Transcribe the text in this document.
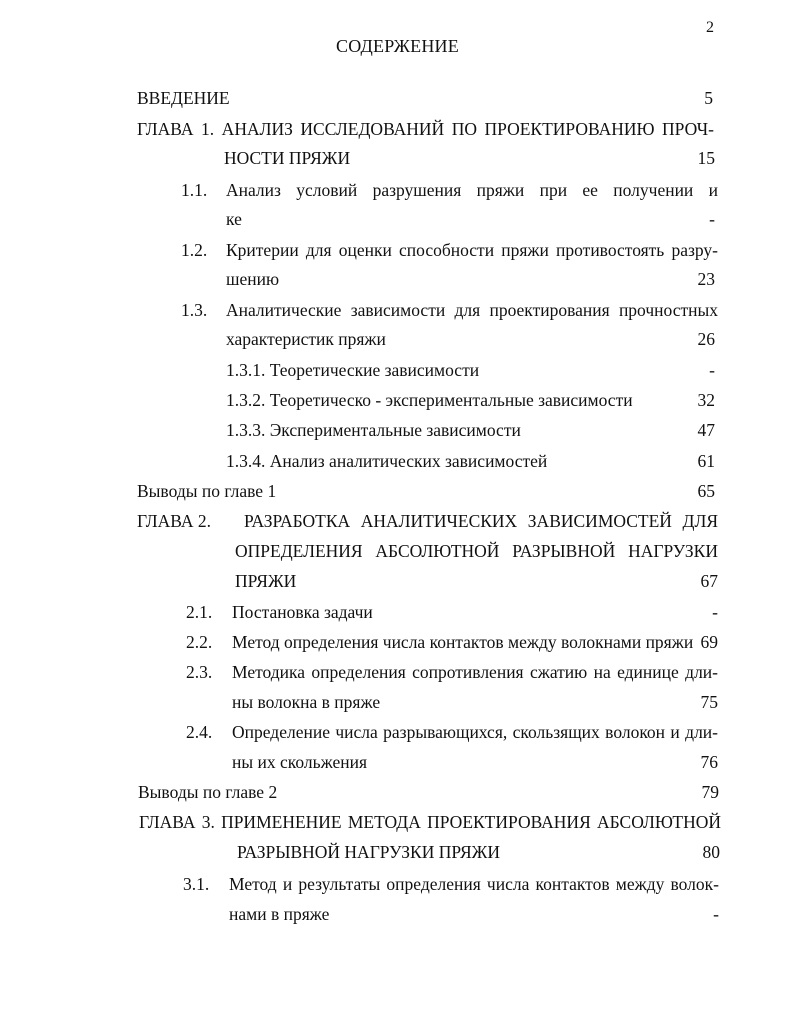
2
СОДЕРЖЕНИЕ
ВВЕДЕНИЕ	5
ГЛАВА 1. АНАЛИЗ ИССЛЕДОВАНИЙ ПО ПРОЕКТИРОВАНИЮ ПРОЧ-
НОСТИ ПРЯЖИ	15
1.1. Анализ условий разрушения пряжи при ее получении и
ке	-
1.2. Критерии для оценки способности пряжи противостоять разру-
шению	23
1.3. Аналитические зависимости для проектирования прочностных
характеристик пряжи	26
1.3.1. Теоретические зависимости	-
1.3.2. Теоретическо - экспериментальные зависимости	32
1.3.3. Экспериментальные зависимости	47
1.3.4. Анализ аналитических зависимостей	61
Выводы по главе 1	65
ГЛАВА 2. РАЗРАБОТКА АНАЛИТИЧЕСКИХ ЗАВИСИМОСТЕЙ ДЛЯ
ОПРЕДЕЛЕНИЯ АБСОЛЮТНОЙ РАЗРЫВНОЙ НАГРУЗКИ
ПРЯЖИ	67
2.1. Постановка задачи	-
2.2. Метод определения числа контактов между волокнами пряжи 69
2.3. Методика определения сопротивления сжатию на единице дли-
ны волокна в пряже	75
2.4. Определение числа разрывающихся, скользящих волокон и дли-
ны их скольжения	76
Выводы по главе 2	79
ГЛАВА 3. ПРИМЕНЕНИЕ МЕТОДА ПРОЕКТИРОВАНИЯ АБСОЛЮТНОЙ
РАЗРЫВНОЙ НАГРУЗКИ ПРЯЖИ	80
3.1. Метод и результаты определения числа контактов между волок-
нами в пряже	-
